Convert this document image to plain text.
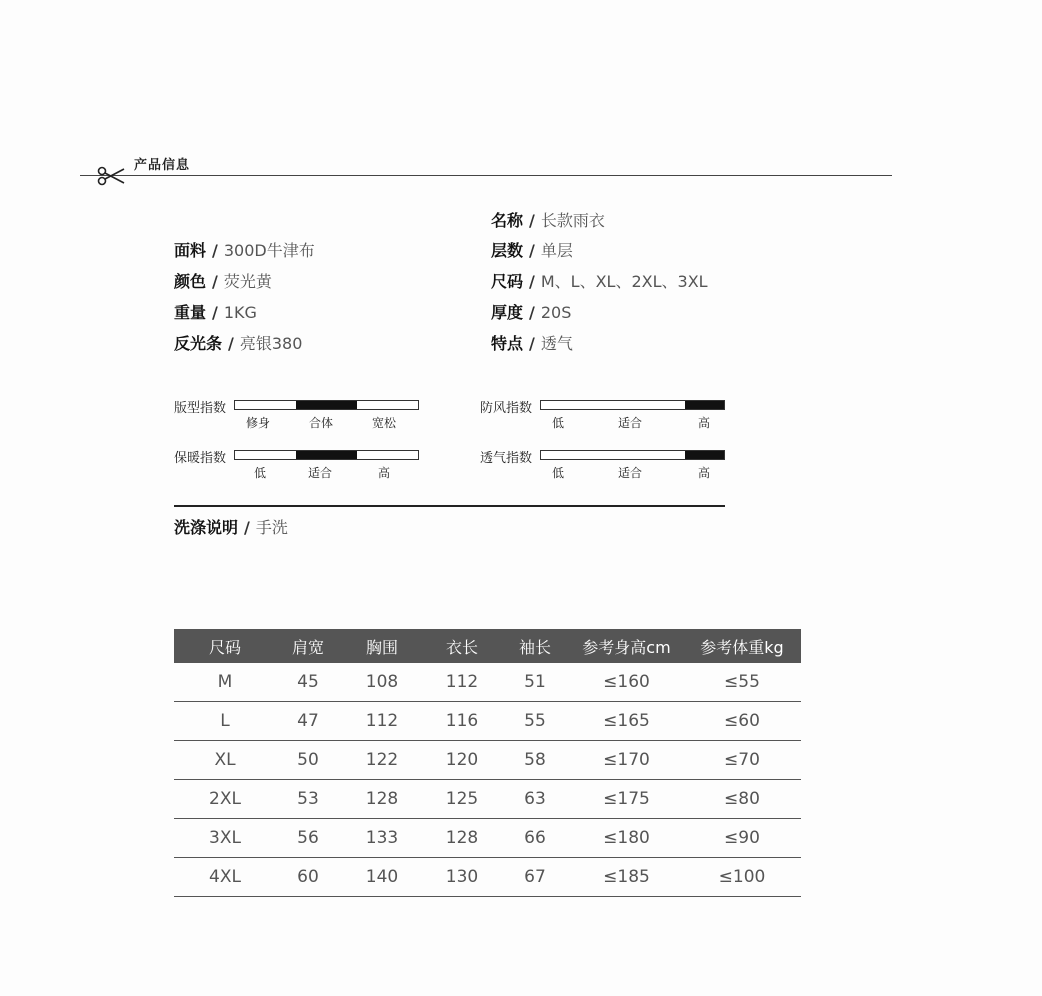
产品信息
面料 / 300D牛津布
颜色 / 荧光黄
重量 / 1KG
反光条 / 亮银380
名称 / 长款雨衣
层数 / 单层
尺码 / M、L、XL、2XL、3XL
厚度 / 20S
特点 / 透气
版型指数
修身	合体	宽松
防风指数
低	适合	高
保暖指数
低	适合	高
透气指数
低	适合	高
洗涤说明 / 手洗
尺码	肩宽	胸围	衣长	袖长	参考身高cm	参考体重kg
M	45	108	112	51	≤160	≤55
L	47	112	116	55	≤165	≤60
XL	50	122	120	58	≤170	≤70
2XL	53	128	125	63	≤175	≤80
3XL	56	133	128	66	≤180	≤90
4XL	60	140	130	67	≤185	≤100
